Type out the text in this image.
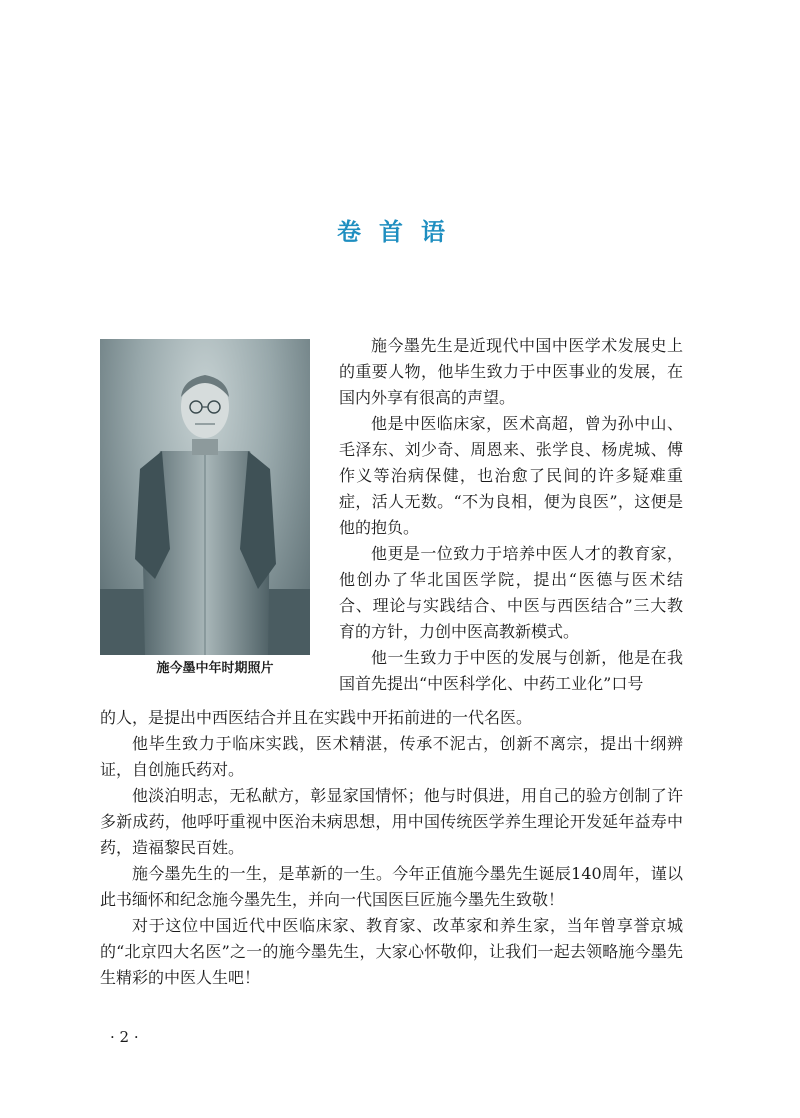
卷首语
施今墨中年时期照片

施今墨先生是近现代中国中医学术发展史上的重要人物，他毕生致力于中医事业的发展，在国内外享有很高的声望。

他是中医临床家，医术高超，曾为孙中山、毛泽东、刘少奇、周恩来、张学良、杨虎城、傅作义等治病保健，也治愈了民间的许多疑难重症，活人无数。“不为良相，便为良医”，这便是他的抱负。

他更是一位致力于培养中医人才的教育家，他创办了华北国医学院，提出“医德与医术结合、理论与实践结合、中医与西医结合”三大教育的方针，力创中医高教新模式。

他一生致力于中医的发展与创新，他是在我国首先提出“中医科学化、中药工业化”口号

的人，是提出中西医结合并且在实践中开拓前进的一代名医。

他毕生致力于临床实践，医术精湛，传承不泥古，创新不离宗，提出十纲辨证，自创施氏药对。

他淡泊明志，无私献方，彰显家国情怀；他与时俱进，用自己的验方创制了许多新成药，他呼吁重视中医治未病思想，用中国传统医学养生理论开发延年益寿中药，造福黎民百姓。

施今墨先生的一生，是革新的一生。今年正值施今墨先生诞辰140周年，谨以此书缅怀和纪念施今墨先生，并向一代国医巨匠施今墨先生致敬！

对于这位中国近代中医临床家、教育家、改革家和养生家，当年曾享誉京城的“北京四大名医”之一的施今墨先生，大家心怀敬仰，让我们一起去领略施今墨先生精彩的中医人生吧！

· 2 ·
